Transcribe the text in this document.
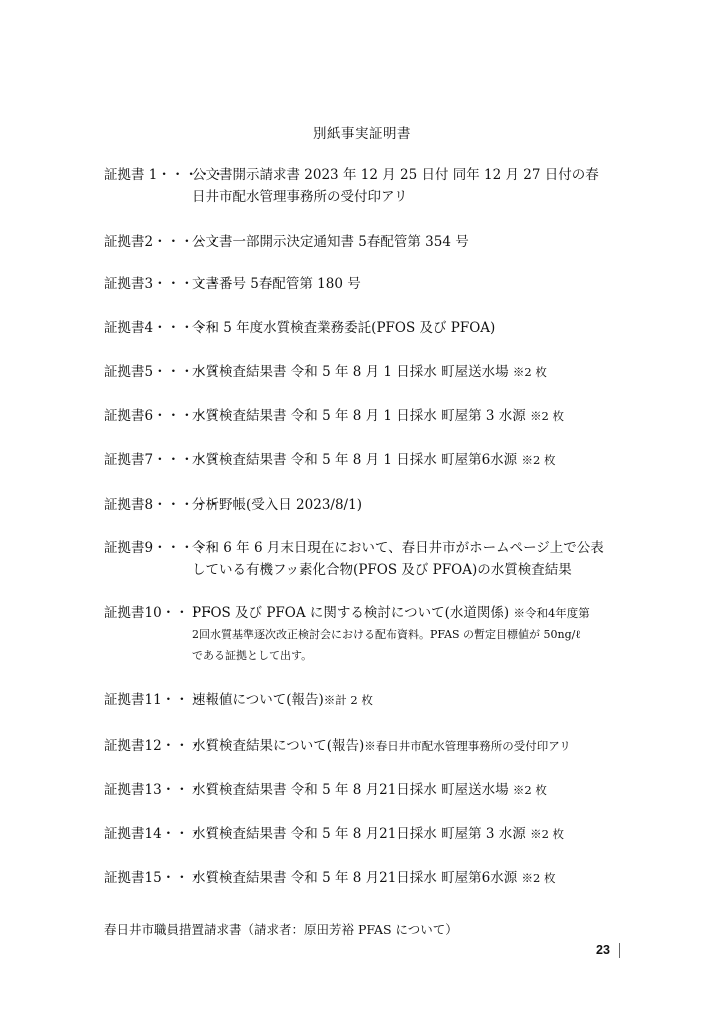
別紙事実証明書
証拠書 1・・・・・
公文書開示請求書 2023 年 12 月 25 日付 同年 12 月 27 日付の春
日井市配水管理事務所の受付印アリ
証拠書2・・・・・
公文書一部開示決定通知書 5春配管第 354 号
証拠書3・・・・・
文書番号 5春配管第 180 号
証拠書4・・・・・
令和 5 年度水質検査業務委託(PFOS 及び PFOA)
証拠書5・・・・・
水質検査結果書 令和 5 年 8 月 1 日採水 町屋送水場 ※2 枚
証拠書6・・・・・
水質検査結果書 令和 5 年 8 月 1 日採水 町屋第 3 水源 ※2 枚
証拠書7・・・・・
水質検査結果書 令和 5 年 8 月 1 日採水 町屋第6水源 ※2 枚
証拠書8・・・・・
分析野帳(受入日 2023/8/1)
証拠書9・・・・・
令和 6 年 6 月末日現在において、春日井市がホームページ上で公表
している有機フッ素化合物(PFOS 及び PFOA)の水質検査結果
証拠書10・・・・
PFOS 及び PFOA に関する検討について(水道関係) ※令和4年度第
2回水質基準逐次改正検討会における配布資料。PFAS の暫定目標値が 50ng/ℓ
である証拠として出す。
証拠書11・・・・
速報値について(報告)※計 2 枚
証拠書12・・・・
水質検査結果について(報告)※春日井市配水管理事務所の受付印アリ
証拠書13・・・・
水質検査結果書 令和 5 年 8 月21日採水 町屋送水場 ※2 枚
証拠書14・・・・
水質検査結果書 令和 5 年 8 月21日採水 町屋第 3 水源 ※2 枚
証拠書15・・・・
水質検査結果書 令和 5 年 8 月21日採水 町屋第6水源 ※2 枚
春日井市職員措置請求書（請求者：原田芳裕 PFAS について）
23
